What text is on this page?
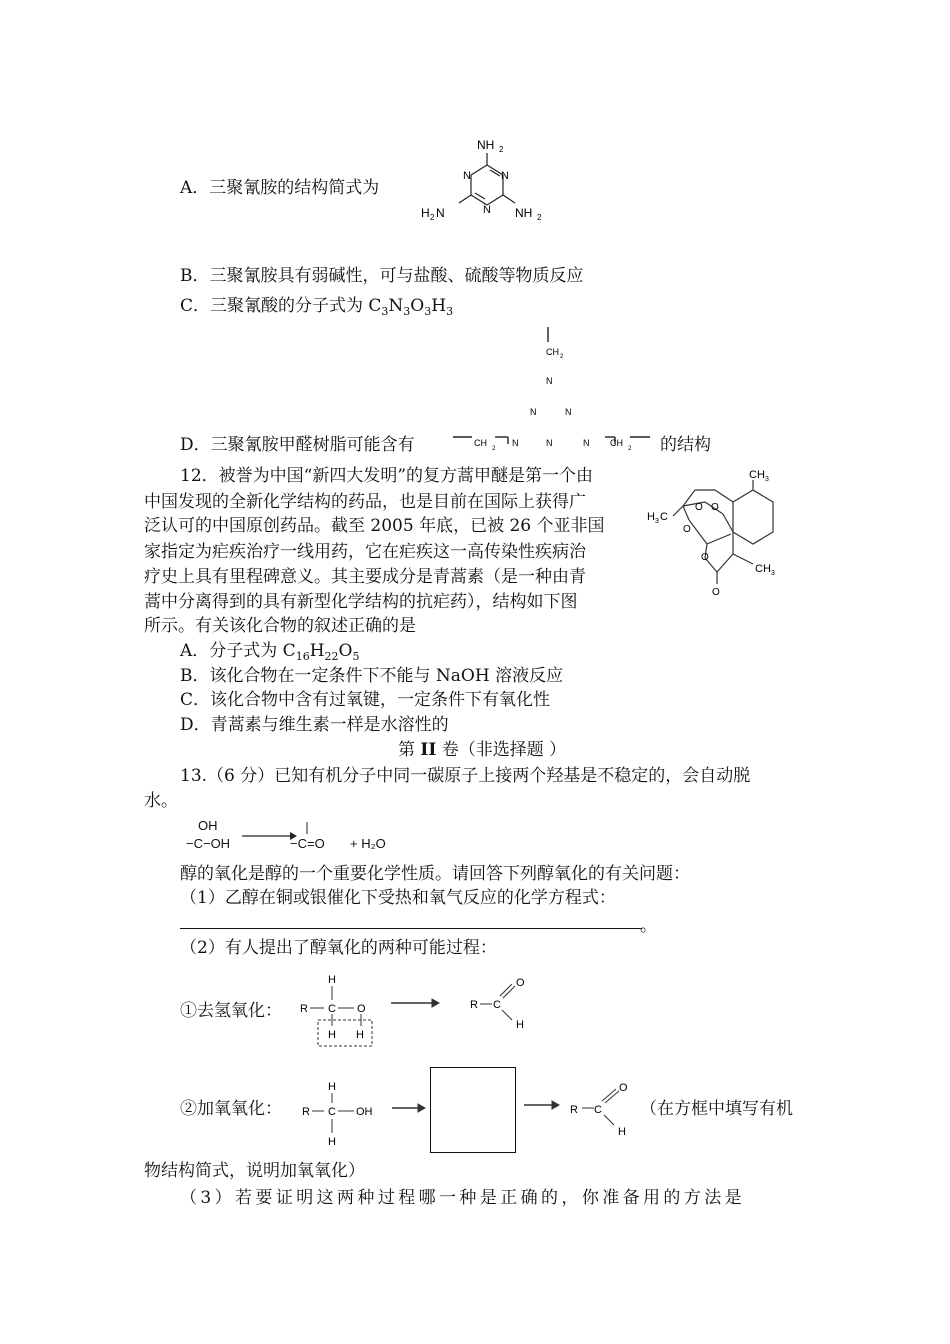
A．三聚氰胺的结构简式为
NH 2
N
N
N NH 2
H 2 N
B．三聚氰胺具有弱碱性，可与盐酸、硫酸等物质反应
C．三聚氰酸的分子式为 $C_3N_3O_3H_3$
CH 2
N
N	N
CH
2
N	N	N CH
2
D．三聚氰胺甲醛树脂可能含有	的结构
12．被誉为中国“新四大发明”的复方蒿甲醚是第一个由
中国发现的全新化学结构的药品，也是目前在国际上获得广
泛认可的中国原创药品。截至 2005 年底，已被 26 个亚非国
家指定为疟疾治疗一线用药，它在疟疾这一高传染性疾病治
疗史上具有里程碑意义。其主要成分是青蒿素（是一种由青
蒿中分离得到的具有新型化学结构的抗疟药），结构如下图
所示。有关该化合物的叙述正确的是
CH 3
H 3 C
O O
O
O
O
CH 3
A．分子式为 $C_{16}H_{22}O_5$
B．该化合物在一定条件下不能与 NaOH 溶液反应
C．该化合物中含有过氧键，一定条件下有氧化性
D．青蒿素与维生素一样是水溶性的
第 II 卷（非选择题 ）
13.（6 分）已知有机分子中同一碳原子上接两个羟基是不稳定的，会自动脱
水。
OH
−C−OH	−C=O + H₂O
醇的氧化是醇的一个重要化学性质。请回答下列醇氧化的有关问题：
（1）乙醇在铜或银催化下受热和氧气反应的化学方程式：
。
（2）有人提出了醇氧化的两种可能过程：
①去氢氧化：
H
R C O
H H
R C
O
H
②加氧氧化：
H
R C OH
H
R C
O
H
（在方框中填写有机
物结构简式，说明加氧氧化）
（3）若要证明这两种过程哪一种是正确的，你准备用的方法是
